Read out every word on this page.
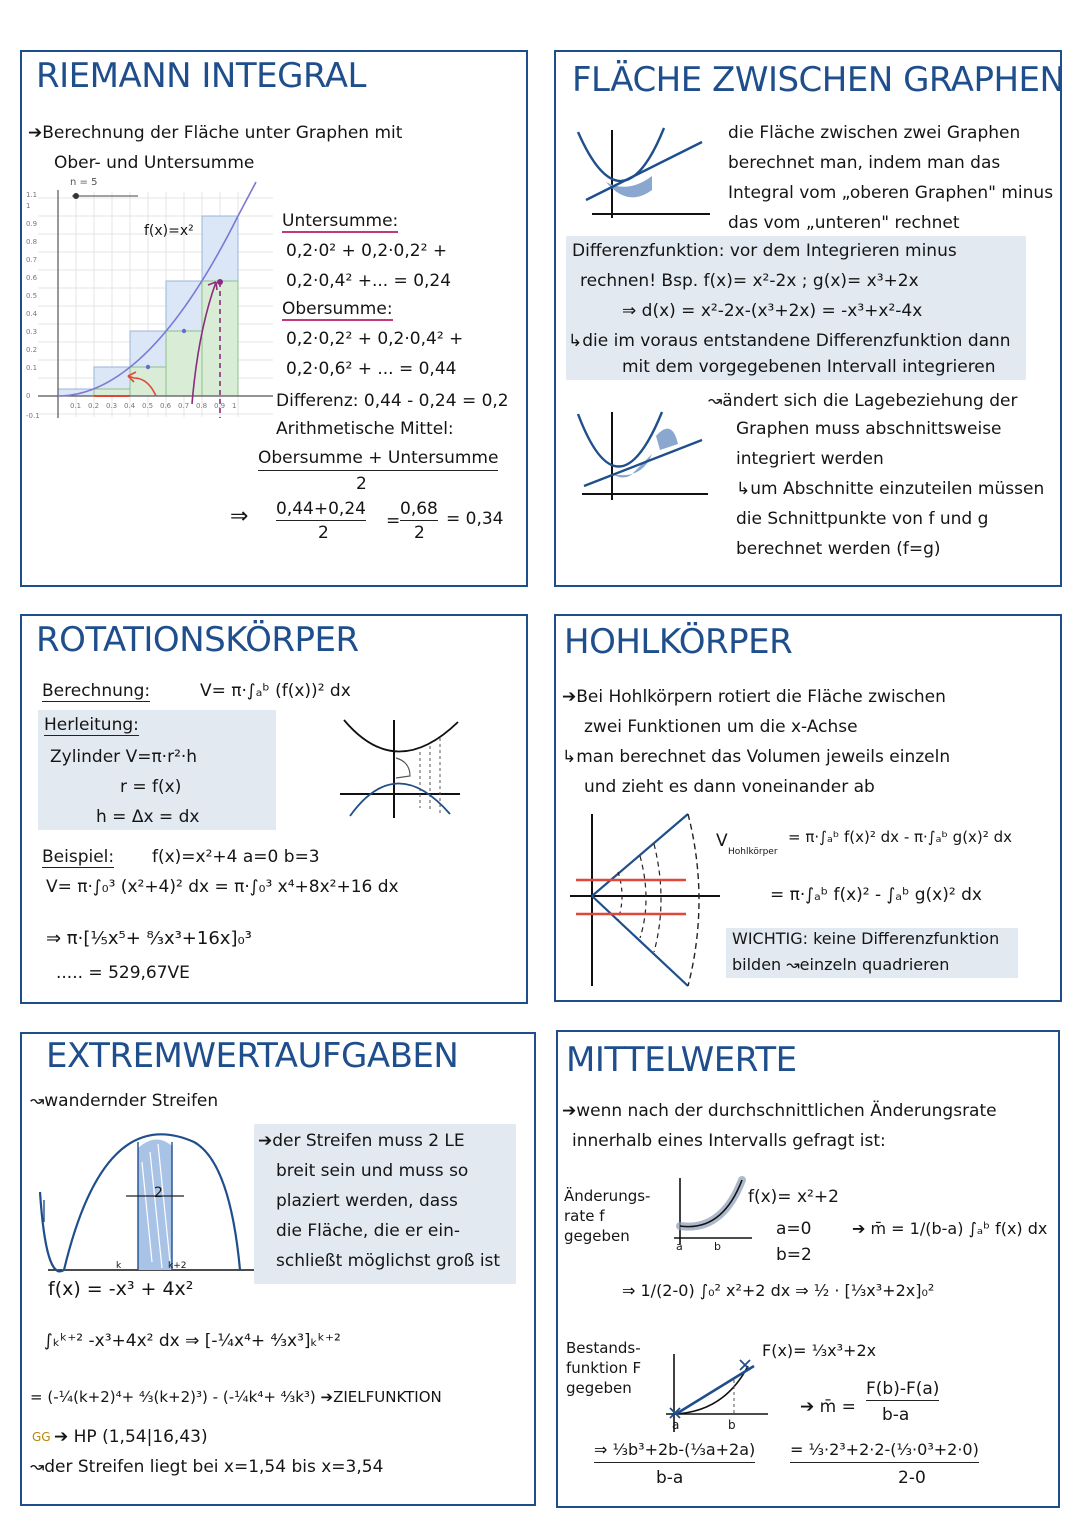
RIEMANN INTEGRAL
➔Berechnung der Fläche unter Graphen mit
Ober- und Untersumme
n = 5
f(x)=x²
1.1
1
0.9
0.8
0.7
0.6
0.5
0.4
0.3
0.2
0.1
0
-0.1
0.1 0.2 0.3 0.4 0.5 0.6 0.7 0.8 0.9 1
Untersumme:
0,2·0² + 0,2·0,2² +
0,2·0,4² +... = 0,24
Obersumme:
0,2·0,2² + 0,2·0,4² +
0,2·0,6² + ... = 0,44
Differenz: 0,44 - 0,24 = 0,2
Arithmetische Mittel:
Obersumme + Untersumme
2
⇒ 0,44+0,24
2
0,68
2
=	= 0,34
FLÄCHE ZWISCHEN GRAPHEN
die Fläche zwischen zwei Graphen
berechnet man, indem man das
Integral vom „oberen Graphen" minus
das vom „unteren" rechnet
Differenzfunktion: vor dem Integrieren minus
rechnen! Bsp. f(x)= x²-2x ; g(x)= x³+2x
⇒ d(x) = x²-2x-(x³+2x) = -x³+x²-4x
↳die im voraus entstandene Differenzfunktion dann
mit dem vorgegebenen Intervall integrieren
↝ändert sich die Lagebeziehung der
Graphen muss abschnittsweise
integriert werden
↳um Abschnitte einzuteilen müssen
die Schnittpunkte von f und g
berechnet werden (f=g)
ROTATIONSKÖRPER
Berechnung:	V= π·∫ₐᵇ (f(x))² dx
Herleitung:
Zylinder V=π·r²·h
r = f(x)
h = Δx = dx
Beispiel: f(x)=x²+4 a=0 b=3
V= π·∫₀³ (x²+4)² dx = π·∫₀³ x⁴+8x²+16 dx
⇒ π·[⅕x⁵+ ⁸⁄₃x³+16x]₀³
..... = 529,67VE
HOHLKÖRPER
➔Bei Hohlkörpern rotiert die Fläche zwischen
zwei Funktionen um die x-Achse
↳man berechnet das Volumen jeweils einzeln
und zieht es dann voneinander ab
V
Hohlkörper
= π·∫ₐᵇ f(x)² dx - π·∫ₐᵇ g(x)² dx
= π·∫ₐᵇ f(x)² - ∫ₐᵇ g(x)² dx
WICHTIG: keine Differenzfunktion
bilden ↝einzeln quadrieren
EXTREMWERTAUFGABEN
↝wandernder Streifen
2
k	k+2
➔der Streifen muss 2 LE
breit sein und muss so
plaziert werden, dass
die Fläche, die er ein-
schließt möglichst groß ist
f(x) = -x³ + 4x²
∫ₖᵏ⁺² -x³+4x² dx ⇒ [-¼x⁴+ ⁴⁄₃x³]ₖᵏ⁺²
= (-¼(k+2)⁴+ ⁴⁄₃(k+2)³) - (-¼k⁴+ ⁴⁄₃k³) ➔ZIELFUNKTION
GG ➔ HP (1,54|16,43)
↝der Streifen liegt bei x=1,54 bis x=3,54
MITTELWERTE
➔wenn nach der durchschnittlichen Änderungsrate
innerhalb eines Intervalls gefragt ist:
Änderungs-
rate f
gegeben
a	b
f(x)= x²+2
a=0
b=2
➔ m̄ = 1/(b-a) ∫ₐᵇ f(x) dx
⇒ 1/(2-0) ∫₀² x²+2 dx ⇒ ½ · [⅓x³+2x]₀²
Bestands-
funktion F
gegeben
a	b
F(x)= ⅓x³+2x
➔ m̄ =
F(b)-F(a)
b-a
⇒ ⅓b³+2b-(⅓a+2a)
b-a
= ⅓·2³+2·2-(⅓·0³+2·0)
2-0
